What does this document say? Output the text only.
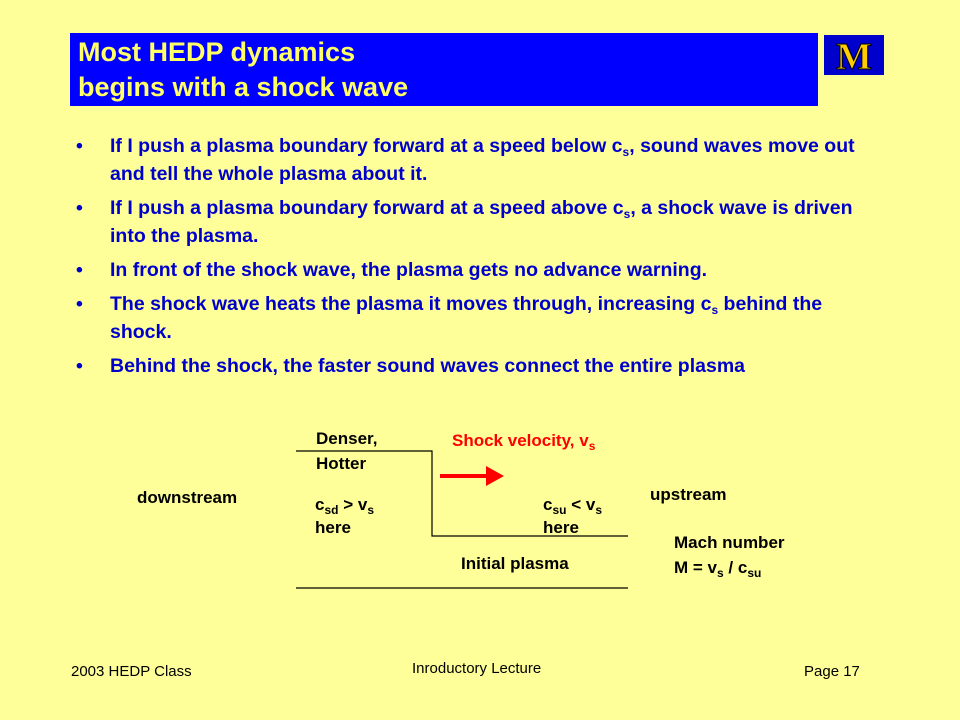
Most HEDP dynamics
begins with a shock wave
M
• If I push a plasma boundary forward at a speed below $c_s$, sound waves move out and tell the whole plasma about it.
• If I push a plasma boundary forward at a speed above $c_s$, a shock wave is driven into the plasma.
• In front of the shock wave, the plasma gets no advance warning.
• The shock wave heats the plasma it moves through, increasing $c_s$ behind the shock.
• Behind the shock, the faster sound waves connect the entire plasma
Denser,
Hotter
Shock velocity, $v_s$
downstream	upstream
$c_{sd} > v_s$
here
$c_{su} < v_s$
here
Initial plasma
Mach number
$M = v_s / c_{su}$
2003 HEDP Class	Inroductory Lecture	Page 17
